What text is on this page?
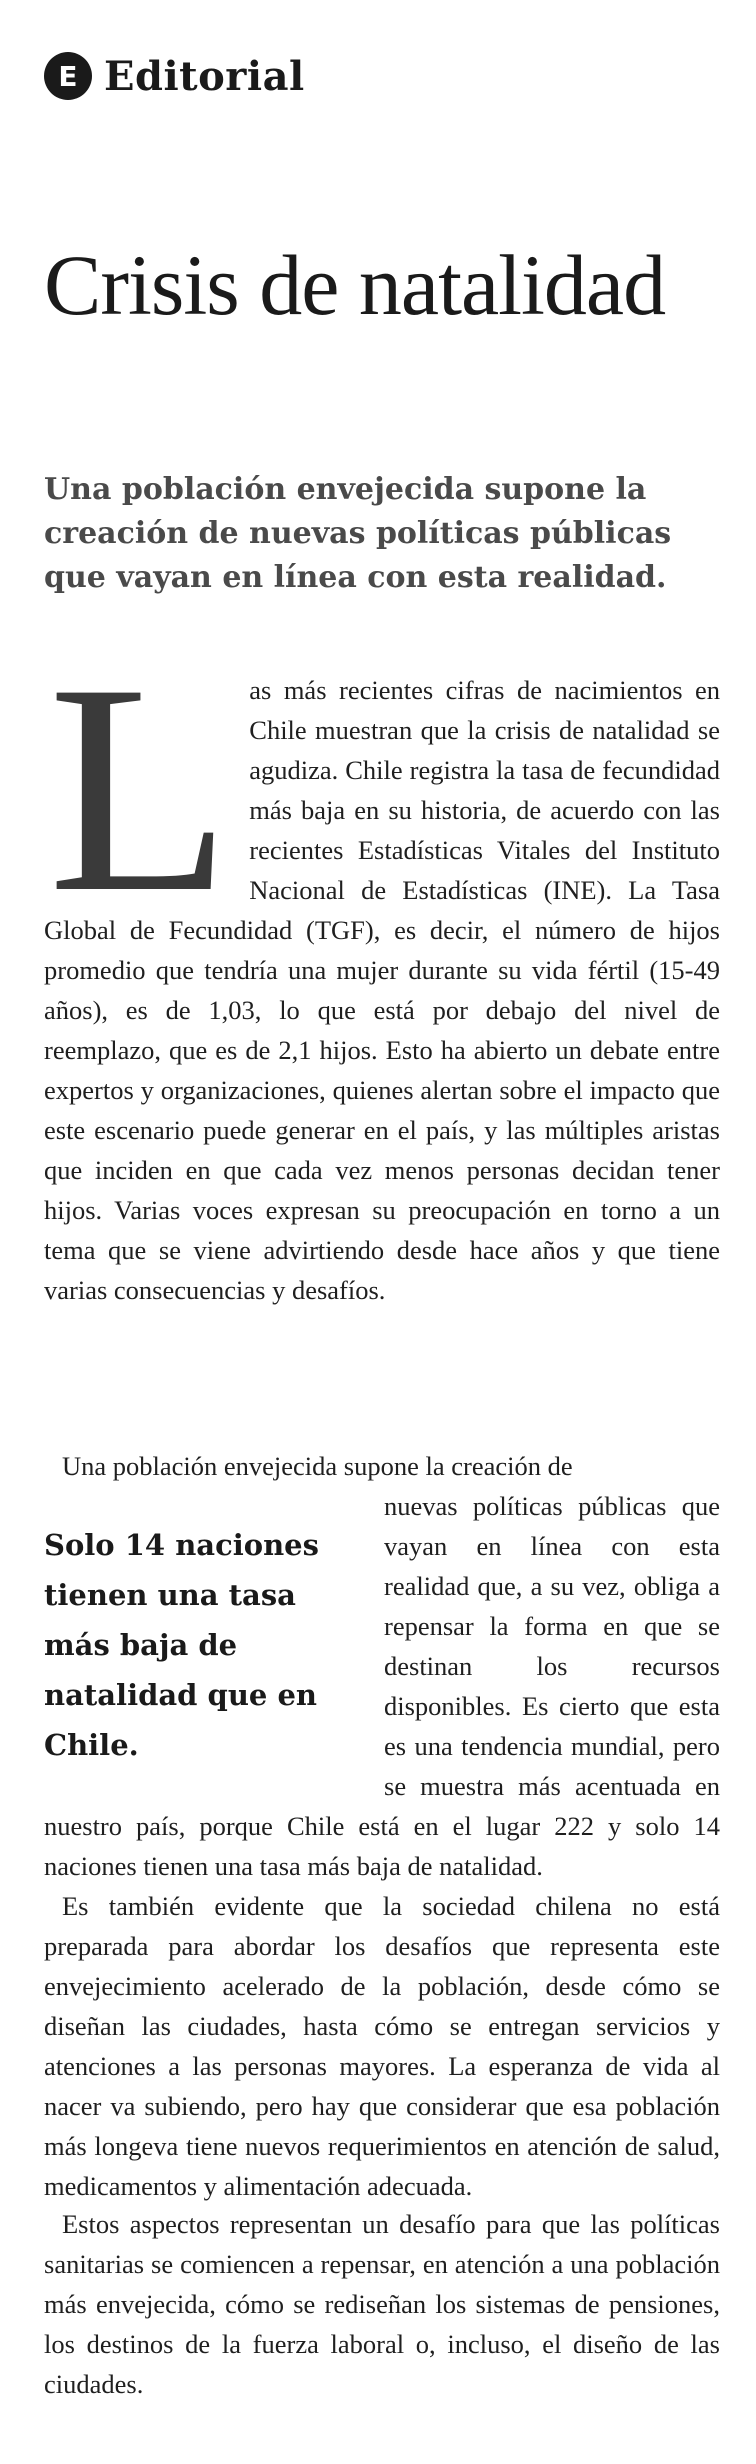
E Editorial
Crisis de natalidad

Una población envejecida supone la creación de nuevas políticas públicas que vayan en línea con esta realidad.

L as más recientes cifras de nacimientos en Chile muestran que la crisis de natalidad se agudiza. Chile registra la tasa de fecundidad más baja en su historia, de acuerdo con las recientes Estadísticas Vitales del Instituto Nacional de Estadísticas (INE). La Tasa Global de Fecundidad (TGF), es decir, el número de hijos promedio que tendría una mujer durante su vida fértil (15-49 años), es de 1,03, lo que está por debajo del nivel de reemplazo, que es de 2,1 hijos. Esto ha abierto un debate entre expertos y organizaciones, quienes alertan sobre el impacto que este escenario puede generar en el país, y las múltiples aristas que inciden en que cada vez menos personas decidan tener hijos. Varias voces expresan su preocupación en torno a un tema que se viene advirtiendo desde hace años y que tiene varias consecuencias y desafíos.
Una población envejecida supone la creación de
Solo 14 naciones tienen una tasa más baja de natalidad que en Chile.
nuevas políticas públicas que vayan en línea con esta realidad que, a su vez, obliga a repensar la forma en que se destinan los recursos disponibles. Es cierto que esta es una tendencia mundial, pero se muestra más acentuada en nuestro país, porque Chile está en el lugar 222 y solo 14 naciones tienen una tasa más baja de natalidad.

Es también evidente que la sociedad chilena no está preparada para abordar los desafíos que representa este envejecimiento acelerado de la población, desde cómo se diseñan las ciudades, hasta cómo se entregan servicios y atenciones a las personas mayores. La esperanza de vida al nacer va subiendo, pero hay que considerar que esa población más longeva tiene nuevos requerimientos en atención de salud, medicamentos y alimentación adecuada.

Estos aspectos representan un desafío para que las políticas sanitarias se comiencen a repensar, en atención a una población más envejecida, cómo se rediseñan los sistemas de pensiones, los destinos de la fuerza laboral o, incluso, el diseño de las ciudades.
